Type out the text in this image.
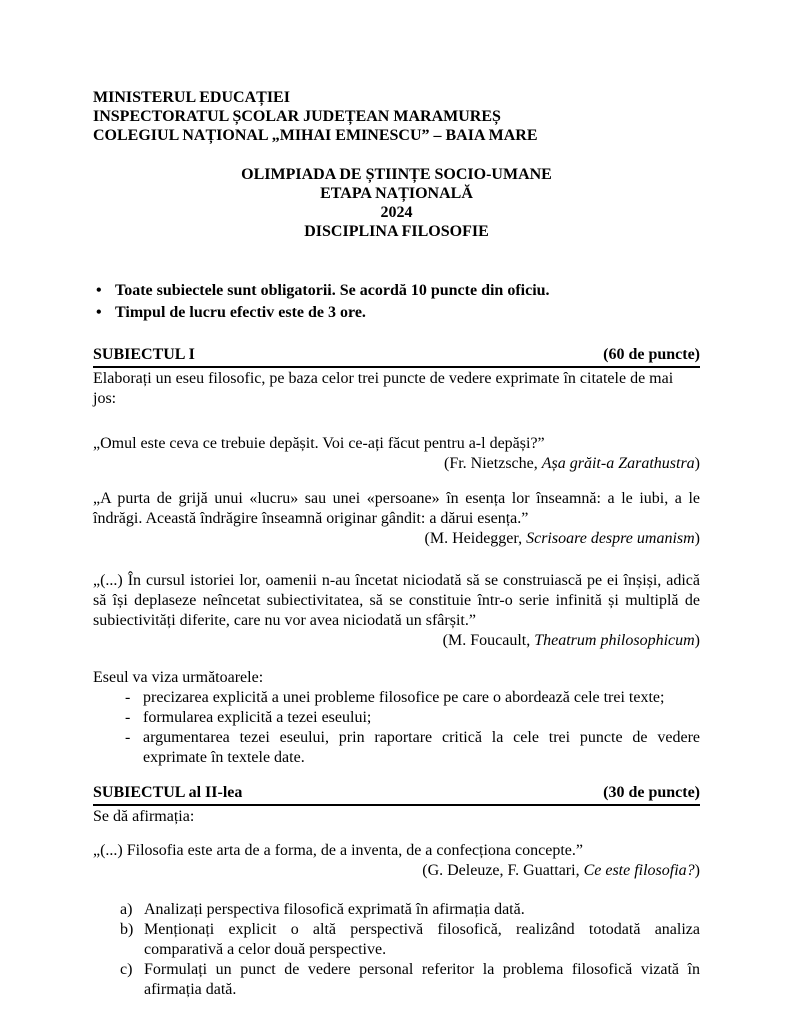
MINISTERUL EDUCAȚIEI

INSPECTORATUL ȘCOLAR JUDEȚEAN MARAMUREȘ

COLEGIUL NAȚIONAL „MIHAI EMINESCU” – BAIA MARE

OLIMPIADA DE ȘTIINȚE SOCIO-UMANE

ETAPA NAȚIONALĂ

2024

DISCIPLINA FILOSOFIE

• Toate subiectele sunt obligatorii. Se acordă 10 puncte din oficiu.
• Timpul de lucru efectiv este de 3 ore.
SUBIECTUL I	(60 de puncte)

Elaborați un eseu filosofic, pe baza celor trei puncte de vedere exprimate în citatele de mai jos:

„Omul este ceva ce trebuie depășit. Voi ce-ați făcut pentru a-l depăși?”

(Fr. Nietzsche, Așa grăit-a Zarathustra)

„A purta de grijă unui «lucru» sau unei «persoane» în esența lor înseamnă: a le iubi, a le îndrăgi. Această îndrăgire înseamnă originar gândit: a dărui esența.”

(M. Heidegger, Scrisoare despre umanism)

„(...) În cursul istoriei lor, oamenii n-au încetat niciodată să se construiască pe ei înșiși, adică să își deplaseze neîncetat subiectivitatea, să se constituie într-o serie infinită și multiplă de subiectivități diferite, care nu vor avea niciodată un sfârșit.”

(M. Foucault, Theatrum philosophicum)

Eseul va viza următoarele:

- precizarea explicită a unei probleme filosofice pe care o abordează cele trei texte;
- formularea explicită a tezei eseului;
- argumentarea tezei eseului, prin raportare critică la cele trei puncte de vedere exprimate în textele date.
SUBIECTUL al II-lea	(30 de puncte)

Se dă afirmația:

„(...) Filosofia este arta de a forma, de a inventa, de a confecționa concepte.”

(G. Deleuze, F. Guattari, Ce este filosofia?)

a) Analizați perspectiva filosofică exprimată în afirmația dată.
b) Menționați explicit o altă perspectivă filosofică, realizând totodată analiza comparativă a celor două perspective.
c) Formulați un punct de vedere personal referitor la problema filosofică vizată în afirmația dată.
